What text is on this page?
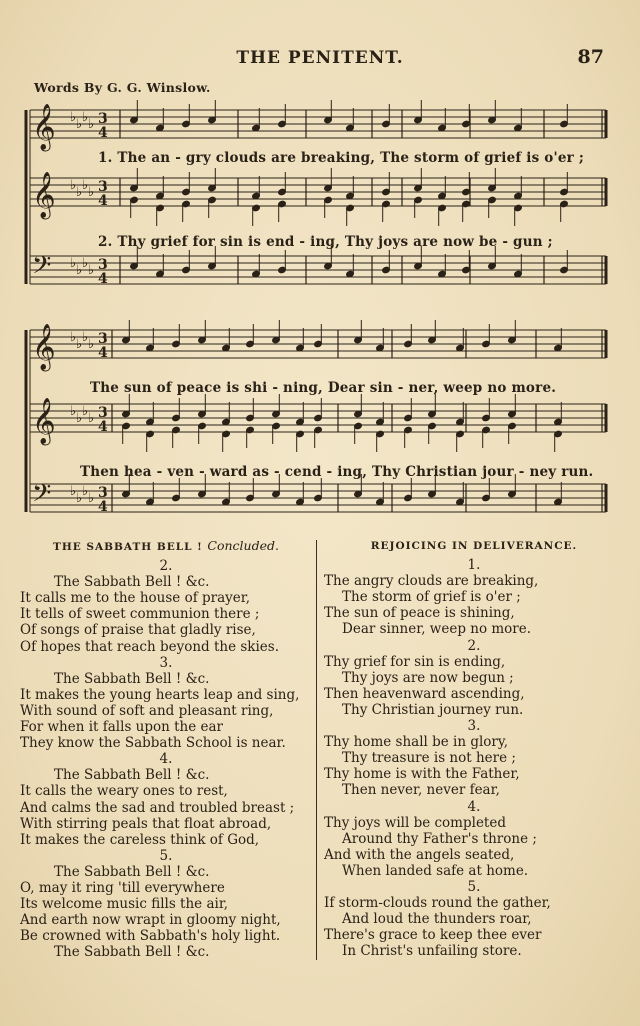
THE PENITENT.	87
Words By G. G. Winslow.
𝄞 ♭ ♭ ♭ ♭ 3
4
𝄞 ♭ ♭ ♭ ♭ 3
4
𝄢 ♭ ♭ ♭ ♭ 3
4
𝄞 ♭ ♭ ♭ ♭ 3
4
𝄞 ♭ ♭ ♭ ♭ 3
4
𝄢 ♭ ♭ ♭ ♭ 3
4
1. The an - gry clouds are breaking, The storm of grief is o'er ;
2. Thy grief for sin is end - ing, Thy joys are now be - gun ;
The sun of peace is shi - ning, Dear sin - ner, weep no more.
Then hea - ven - ward as - cend - ing, Thy Christian jour - ney run.
THE SABBATH BELL ! Concluded.
2.
The Sabbath Bell ! &c.
It calls me to the house of prayer,
It tells of sweet communion there ;
Of songs of praise that gladly rise,
Of hopes that reach beyond the skies.
3.
The Sabbath Bell ! &c.
It makes the young hearts leap and sing,
With sound of soft and pleasant ring,
For when it falls upon the ear
They know the Sabbath School is near.
4.
The Sabbath Bell ! &c.
It calls the weary ones to rest,
And calms the sad and troubled breast ;
With stirring peals that float abroad,
It makes the careless think of God,
5.
The Sabbath Bell ! &c.
O, may it ring 'till everywhere
Its welcome music fills the air,
And earth now wrapt in gloomy night,
Be crowned with Sabbath's holy light.
The Sabbath Bell ! &c.
REJOICING IN DELIVERANCE.
1.
The angry clouds are breaking,
The storm of grief is o'er ;
The sun of peace is shining,
Dear sinner, weep no more.
2.
Thy grief for sin is ending,
Thy joys are now begun ;
Then heavenward ascending,
Thy Christian journey run.
3.
Thy home shall be in glory,
Thy treasure is not here ;
Thy home is with the Father,
Then never, never fear,
4.
Thy joys will be completed
Around thy Father's throne ;
And with the angels seated,
When landed safe at home.
5.
If storm-clouds round the gather,
And loud the thunders roar,
There's grace to keep thee ever
In Christ's unfailing store.
